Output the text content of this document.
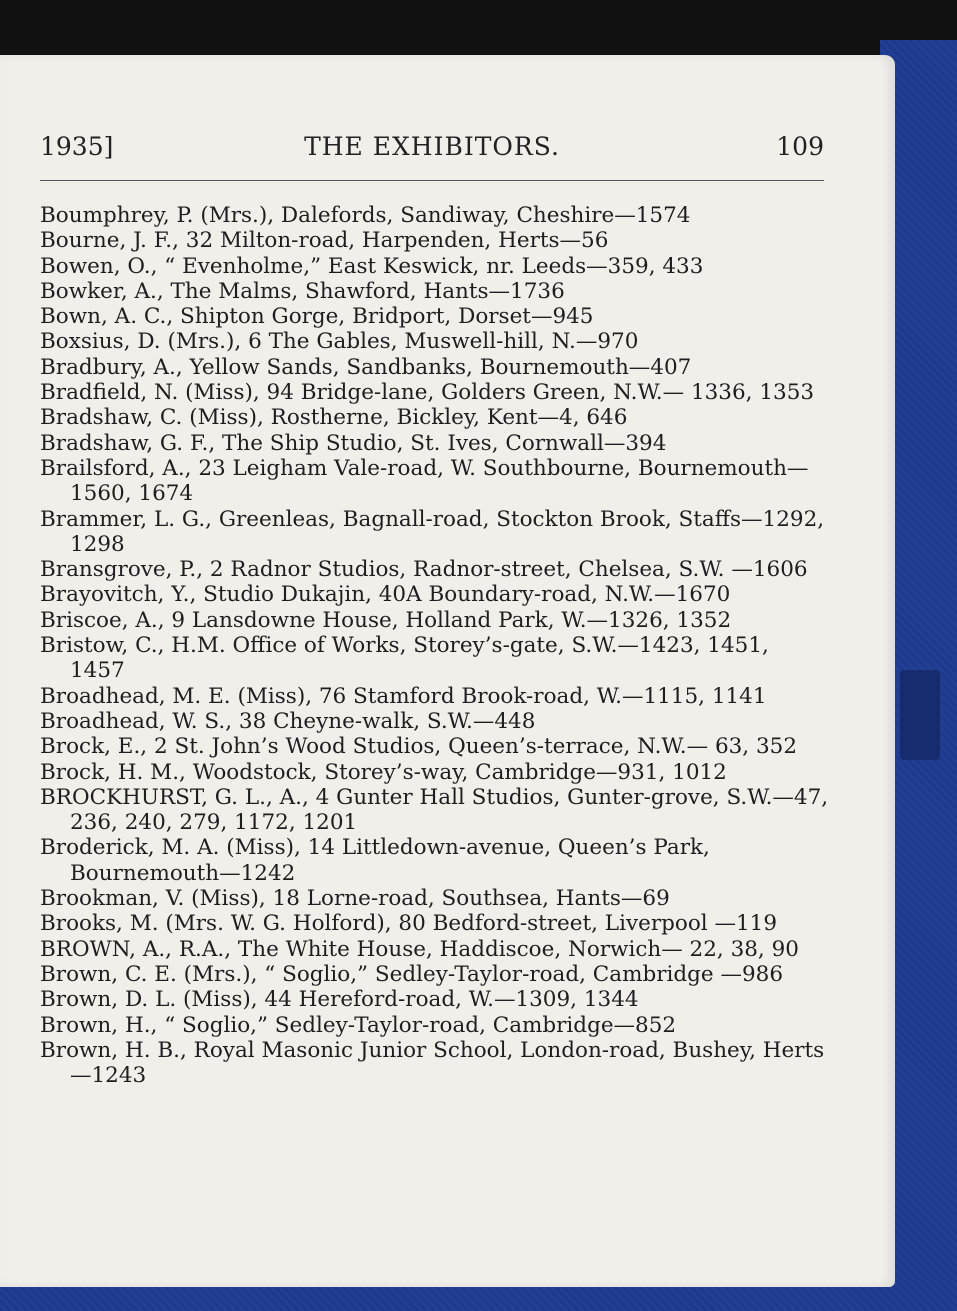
THE EXHIBITORS.
1935]	109

Boumphrey, P. (Mrs.), Dalefords, Sandiway, Cheshire—1574

Bourne, J. F., 32 Milton-road, Harpenden, Herts—56

Bowen, O., “ Evenholme,” East Keswick, nr. Leeds—359, 433

Bowker, A., The Malms, Shawford, Hants—1736

Bown, A. C., Shipton Gorge, Bridport, Dorset—945

Boxsius, D. (Mrs.), 6 The Gables, Muswell-hill, N.—970

Bradbury, A., Yellow Sands, Sandbanks, Bournemouth—407

Bradfield, N. (Miss), 94 Bridge-lane, Golders Green, N.W.— 1336, 1353

Bradshaw, C. (Miss), Rostherne, Bickley, Kent—4, 646

Bradshaw, G. F., The Ship Studio, St. Ives, Cornwall—394

Brailsford, A., 23 Leigham Vale-road, W. Southbourne, Bournemouth—1560, 1674

Brammer, L. G., Greenleas, Bagnall-road, Stockton Brook, Staffs—1292, 1298

Bransgrove, P., 2 Radnor Studios, Radnor-street, Chelsea, S.W. —1606

Brayovitch, Y., Studio Dukajin, 40A Boundary-road, N.W.—1670

Briscoe, A., 9 Lansdowne House, Holland Park, W.—1326, 1352

Bristow, C., H.M. Office of Works, Storey’s-gate, S.W.—1423, 1451, 1457

Broadhead, M. E. (Miss), 76 Stamford Brook-road, W.—1115, 1141

Broadhead, W. S., 38 Cheyne-walk, S.W.—448

Brock, E., 2 St. John’s Wood Studios, Queen’s-terrace, N.W.— 63, 352

Brock, H. M., Woodstock, Storey’s-way, Cambridge—931, 1012

BROCKHURST, G. L., A., 4 Gunter Hall Studios, Gunter-grove, S.W.—47, 236, 240, 279, 1172, 1201

Broderick, M. A. (Miss), 14 Littledown-avenue, Queen’s Park, Bournemouth—1242

Brookman, V. (Miss), 18 Lorne-road, Southsea, Hants—69

Brooks, M. (Mrs. W. G. Holford), 80 Bedford-street, Liverpool —119

BROWN, A., R.A., The White House, Haddiscoe, Norwich— 22, 38, 90

Brown, C. E. (Mrs.), “ Soglio,” Sedley-Taylor-road, Cambridge —986

Brown, D. L. (Miss), 44 Hereford-road, W.—1309, 1344

Brown, H., “ Soglio,” Sedley-Taylor-road, Cambridge—852

Brown, H. B., Royal Masonic Junior School, London-road, Bushey, Herts—1243
